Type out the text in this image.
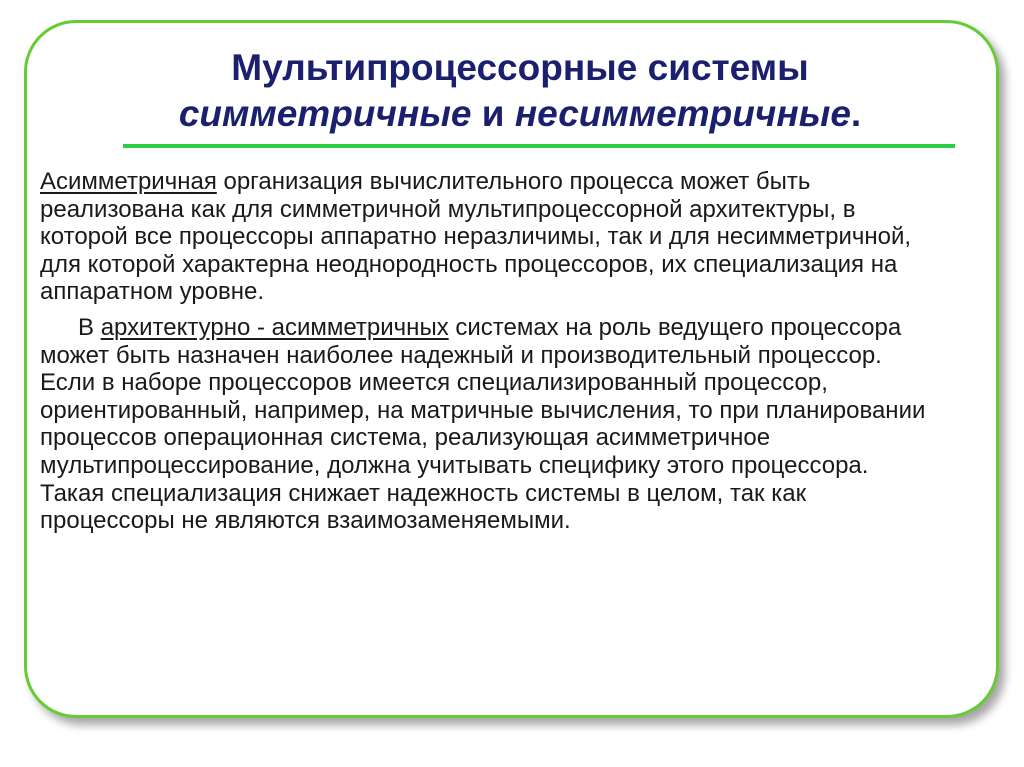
Мультипроцессорные системы
симметричные и несимметричные.

Асимметричная организация вычислительного процесса может быть реализована как для симметричной мультипроцессорной архитектуры, в которой все процессоры аппаратно неразличимы, так и для несимметричной, для которой характерна неоднородность процессоров, их специализация на аппаратном уровне.

В архитектурно - асимметричных системах на роль ведущего процессора может быть назначен наиболее надежный и производительный процессор. Если в наборе процессоров имеется специализированный процессор, ориентированный, например, на матричные вычисления, то при планировании процессов операционная система, реализующая асимметричное мультипроцессирование, должна учитывать специфику этого процессора. Такая специализация снижает надежность системы в целом, так как процессоры не являются взаимозаменяемыми.
